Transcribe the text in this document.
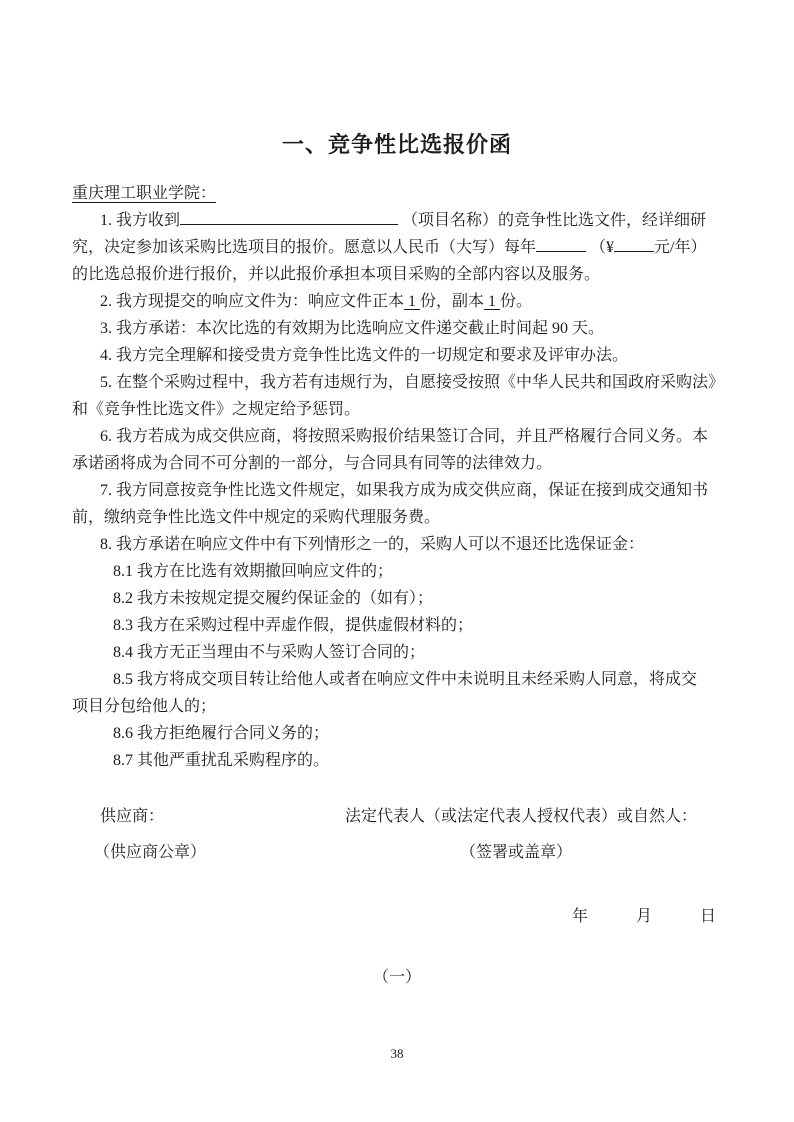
一、竞争性比选报价函
重庆理工职业学院：
1. 我方收到	（项目名称）的竞争性比选文件，经详细研
究，决定参加该采购比选项目的报价。愿意以人民币（大写）每年	（¥	元/年）
的比选总报价进行报价，并以此报价承担本项目采购的全部内容以及服务。
2. 我方现提交的响应文件为：响应文件正本 1 份，副本 1 份。
3. 我方承诺：本次比选的有效期为比选响应文件递交截止时间起 90 天。
4. 我方完全理解和接受贵方竞争性比选文件的一切规定和要求及评审办法。
5. 在整个采购过程中，我方若有违规行为，自愿接受按照《中华人民共和国政府采购法》
和《竞争性比选文件》之规定给予惩罚。
6. 我方若成为成交供应商，将按照采购报价结果签订合同，并且严格履行合同义务。本
承诺函将成为合同不可分割的一部分，与合同具有同等的法律效力。
7. 我方同意按竞争性比选文件规定，如果我方成为成交供应商，保证在接到成交通知书
前，缴纳竞争性比选文件中规定的采购代理服务费。
8. 我方承诺在响应文件中有下列情形之一的，采购人可以不退还比选保证金：
8.1 我方在比选有效期撤回响应文件的；
8.2 我方未按规定提交履约保证金的（如有）；
8.3 我方在采购过程中弄虚作假，提供虚假材料的；
8.4 我方无正当理由不与采购人签订合同的；
8.5 我方将成交项目转让给他人或者在响应文件中未说明且未经采购人同意，将成交
项目分包给他人的；
8.6 我方拒绝履行合同义务的；
8.7 其他严重扰乱采购程序的。
供应商：	法定代表人（或法定代表人授权代表）或自然人：
（供应商公章）	（签署或盖章）
年　　　月　　　日
（一）
38
